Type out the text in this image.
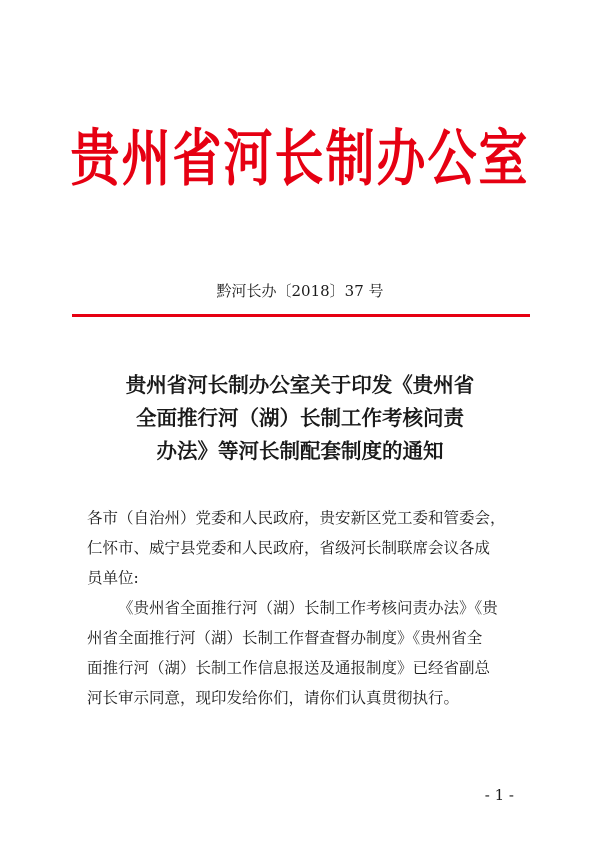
贵州省河长制办公室
黔河长办〔2018〕37 号
贵州省河长制办公室关于印发《贵州省
全面推行河（湖）长制工作考核问责
办法》等河长制配套制度的通知
各市（自治州）党委和人民政府，贵安新区党工委和管委会，
仁怀市、威宁县党委和人民政府，省级河长制联席会议各成
员单位:
《贵州省全面推行河（湖）长制工作考核问责办法》《贵
州省全面推行河（湖）长制工作督查督办制度》《贵州省全
面推行河（湖）长制工作信息报送及通报制度》已经省副总
河长审示同意，现印发给你们，请你们认真贯彻执行。
- 1 -
